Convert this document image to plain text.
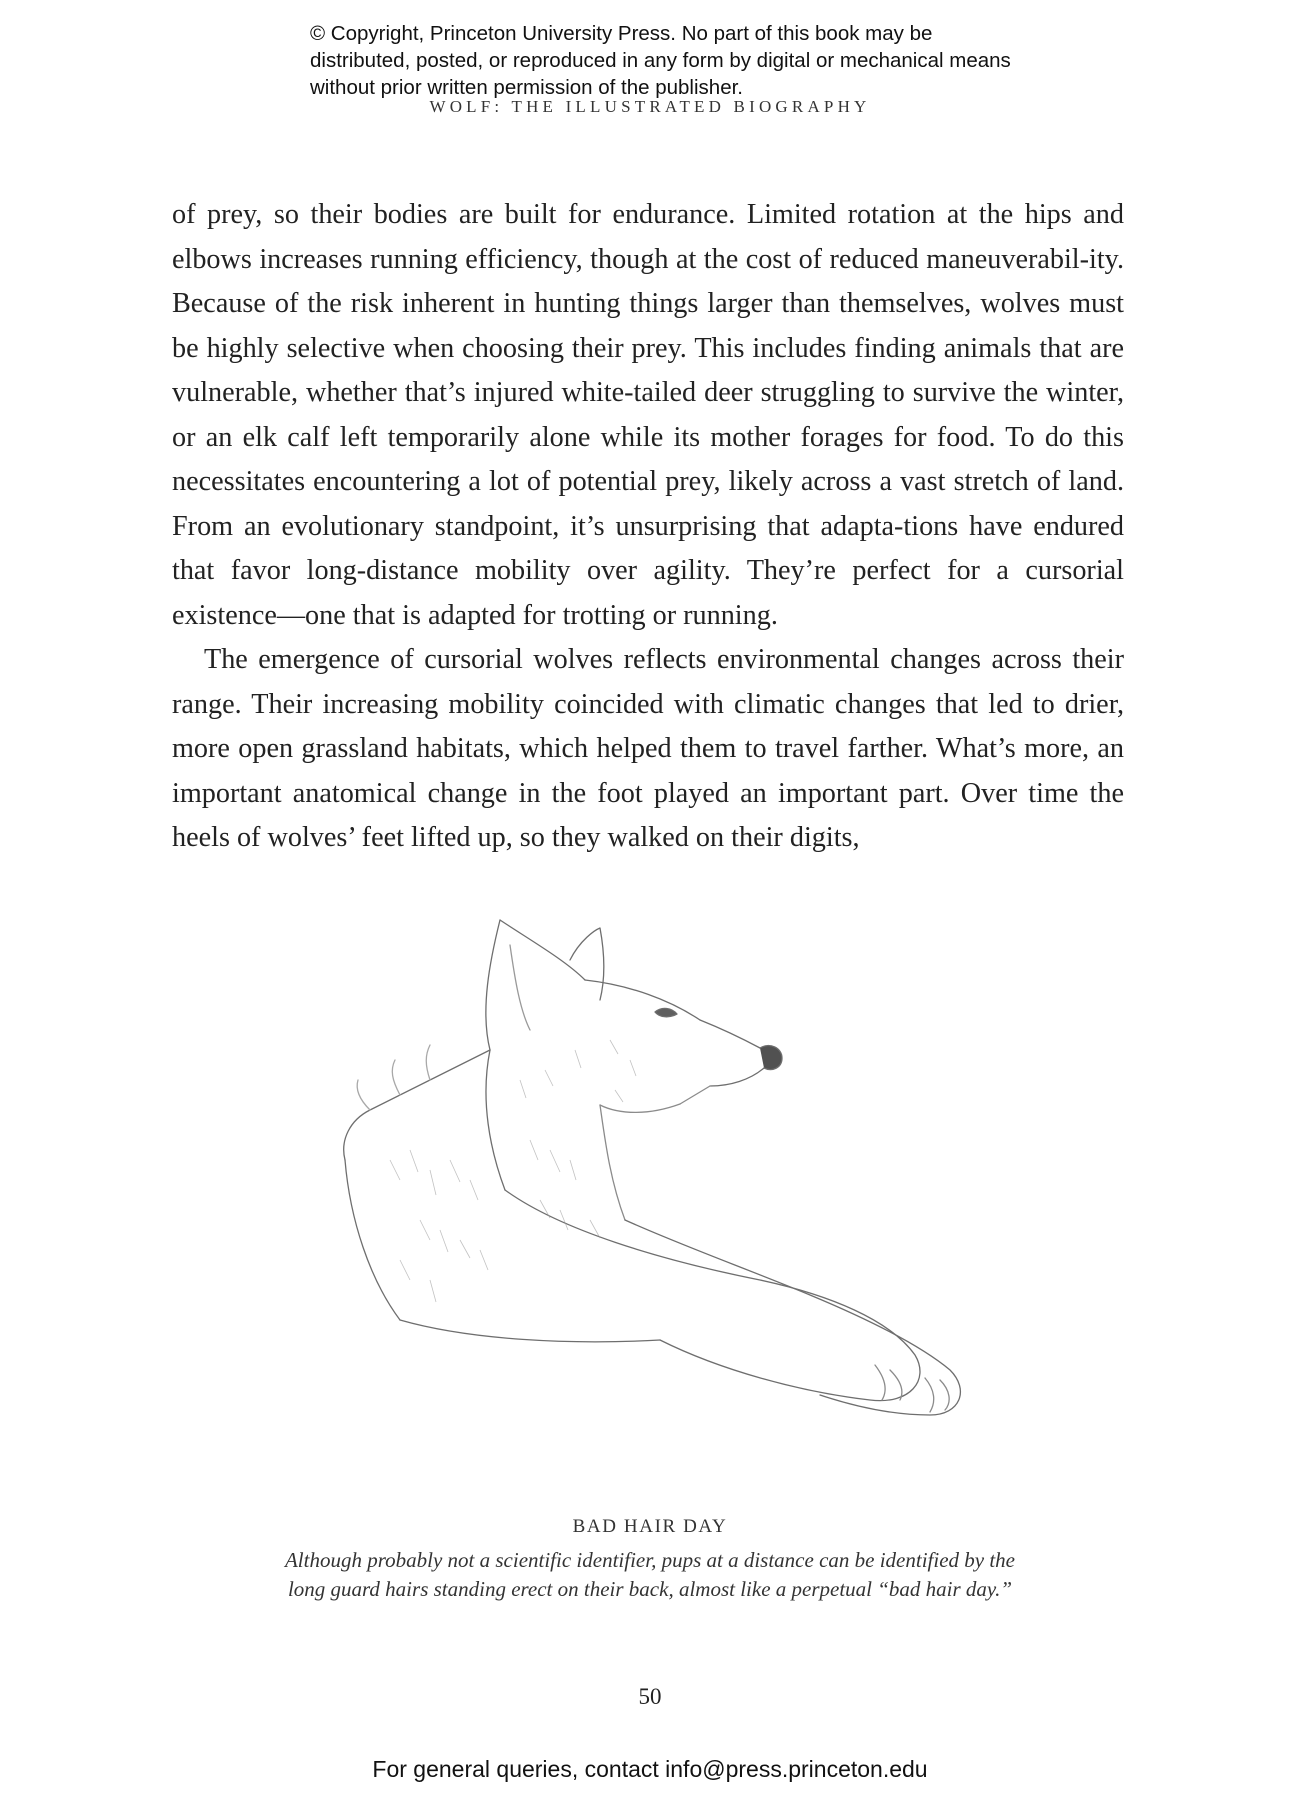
© Copyright, Princeton University Press. No part of this book may be distributed, posted, or reproduced in any form by digital or mechanical means without prior written permission of the publisher.
WOLF: THE ILLUSTRATED BIOGRAPHY

of prey, so their bodies are built for endurance. Limited rotation at the hips and elbows increases running efficiency, though at the cost of reduced maneuverabil-ity. Because of the risk inherent in hunting things larger than themselves, wolves must be highly selective when choosing their prey. This includes finding animals that are vulnerable, whether that’s injured white-tailed deer struggling to survive the winter, or an elk calf left temporarily alone while its mother forages for food. To do this necessitates encountering a lot of potential prey, likely across a vast stretch of land. From an evolutionary standpoint, it’s unsurprising that adapta-tions have endured that favor long-distance mobility over agility. They’re perfect for a cursorial existence—one that is adapted for trotting or running.

The emergence of cursorial wolves reflects environmental changes across their range. Their increasing mobility coincided with climatic changes that led to drier, more open grassland habitats, which helped them to travel farther. What’s more, an important anatomical change in the foot played an important part. Over time the heels of wolves’ feet lifted up, so they walked on their digits,

BAD HAIR DAY
Although probably not a scientific identifier, pups at a distance can be identified by the long guard hairs standing erect on their back, almost like a perpetual “bad hair day.”
50
For general queries, contact info@press.princeton.edu
